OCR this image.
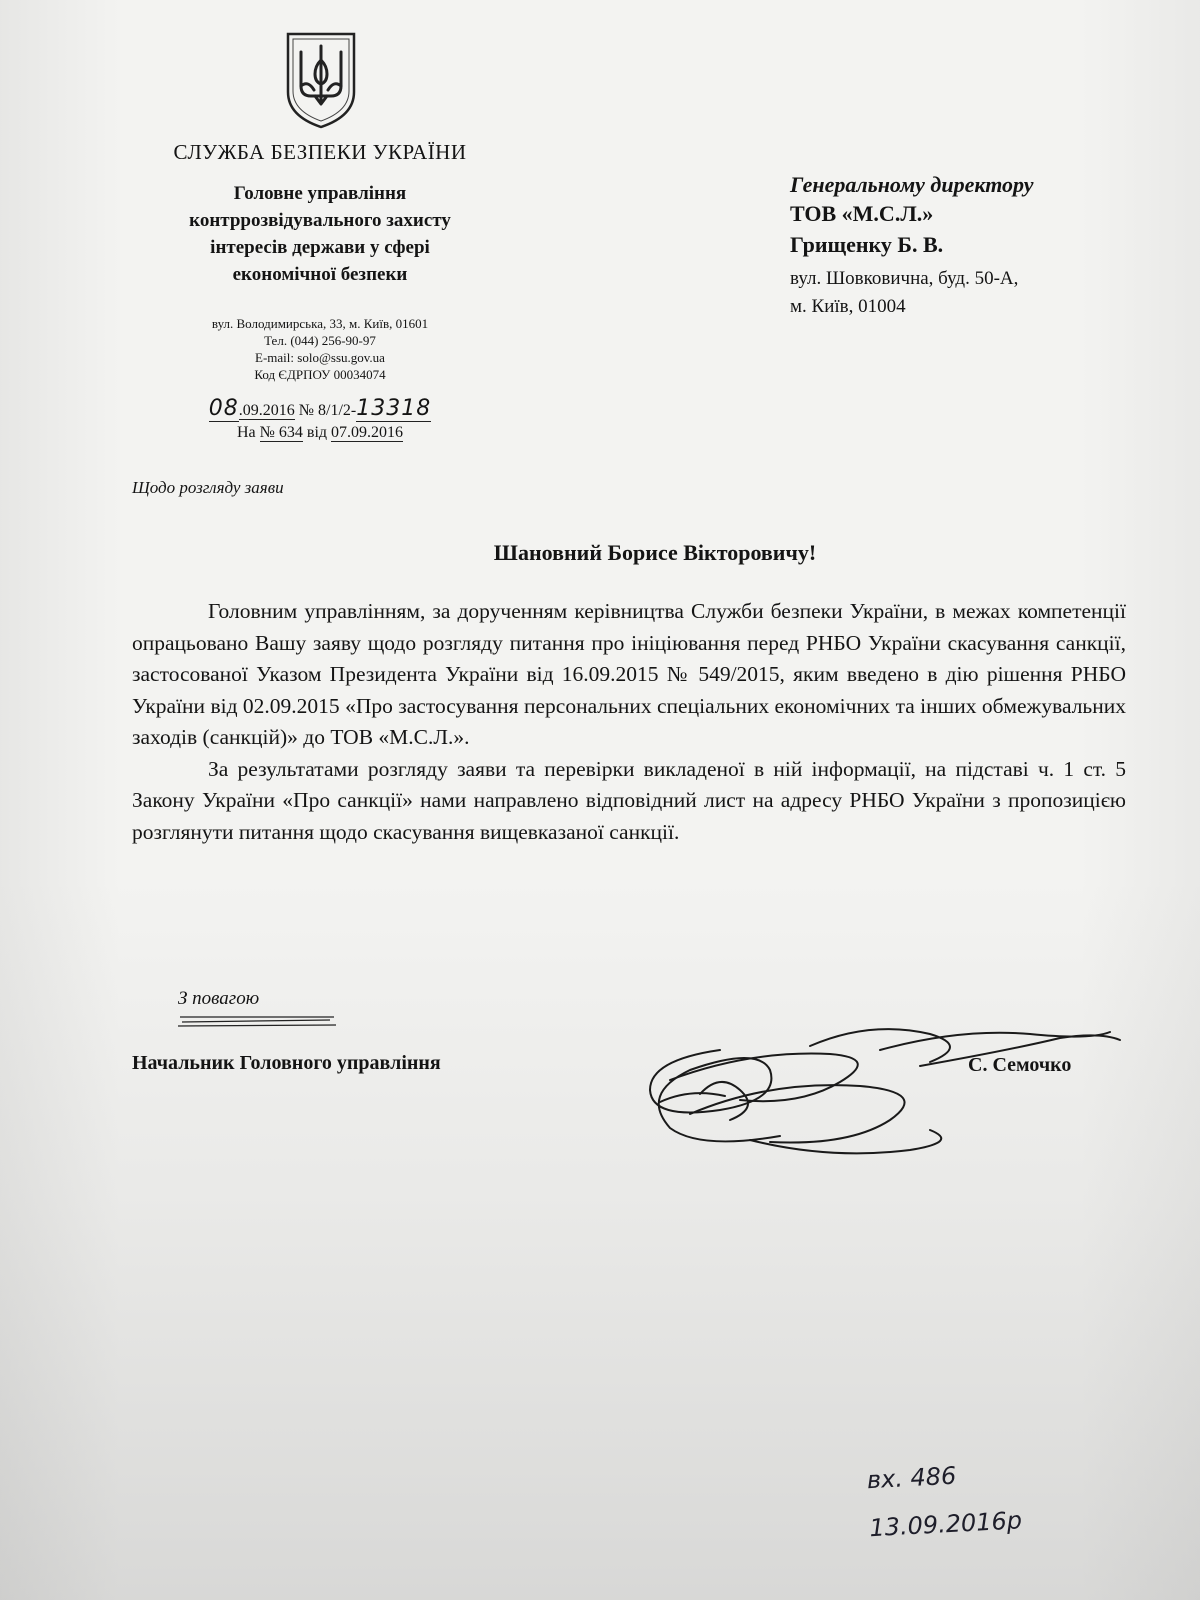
СЛУЖБА БЕЗПЕКИ УКРАЇНИ
Головне управління
контррозвідувального захисту
інтересів держави у сфері
економічної безпеки
вул. Володимирська, 33, м. Київ, 01601
Тел. (044) 256-90-97
E-mail: solo@ssu.gov.ua
Код ЄДРПОУ 00034074
08.09.2016 № 8/1/2-13318
На № 634 від 07.09.2016
Генеральному директору
ТОВ «М.С.Л.»
Грищенку Б. В.
вул. Шовковична, буд. 50-А,
м. Київ, 01004
Щодо розгляду заяви
Шановний Борисе Вікторовичу!

Головним управлінням, за дорученням керівництва Служби безпеки України, в межах компетенції опрацьовано Вашу заяву щодо розгляду питання про ініціювання перед РНБО України скасування санкції, застосованої Указом Президента України від 16.09.2015 № 549/2015, яким введено в дію рішення РНБО України від 02.09.2015 «Про застосування персональних спеціальних економічних та інших обмежувальних заходів (санкцій)» до ТОВ «М.С.Л.».

За результатами розгляду заяви та перевірки викладеної в ній інформації, на підставі ч. 1 ст. 5 Закону України «Про санкції» нами направлено відповідний лист на адресу РНБО України з пропозицією розглянути питання щодо скасування вищевказаної санкції.

З повагою
Начальник Головного управління	С. Семочко
вх. 486
13.09.2016р
